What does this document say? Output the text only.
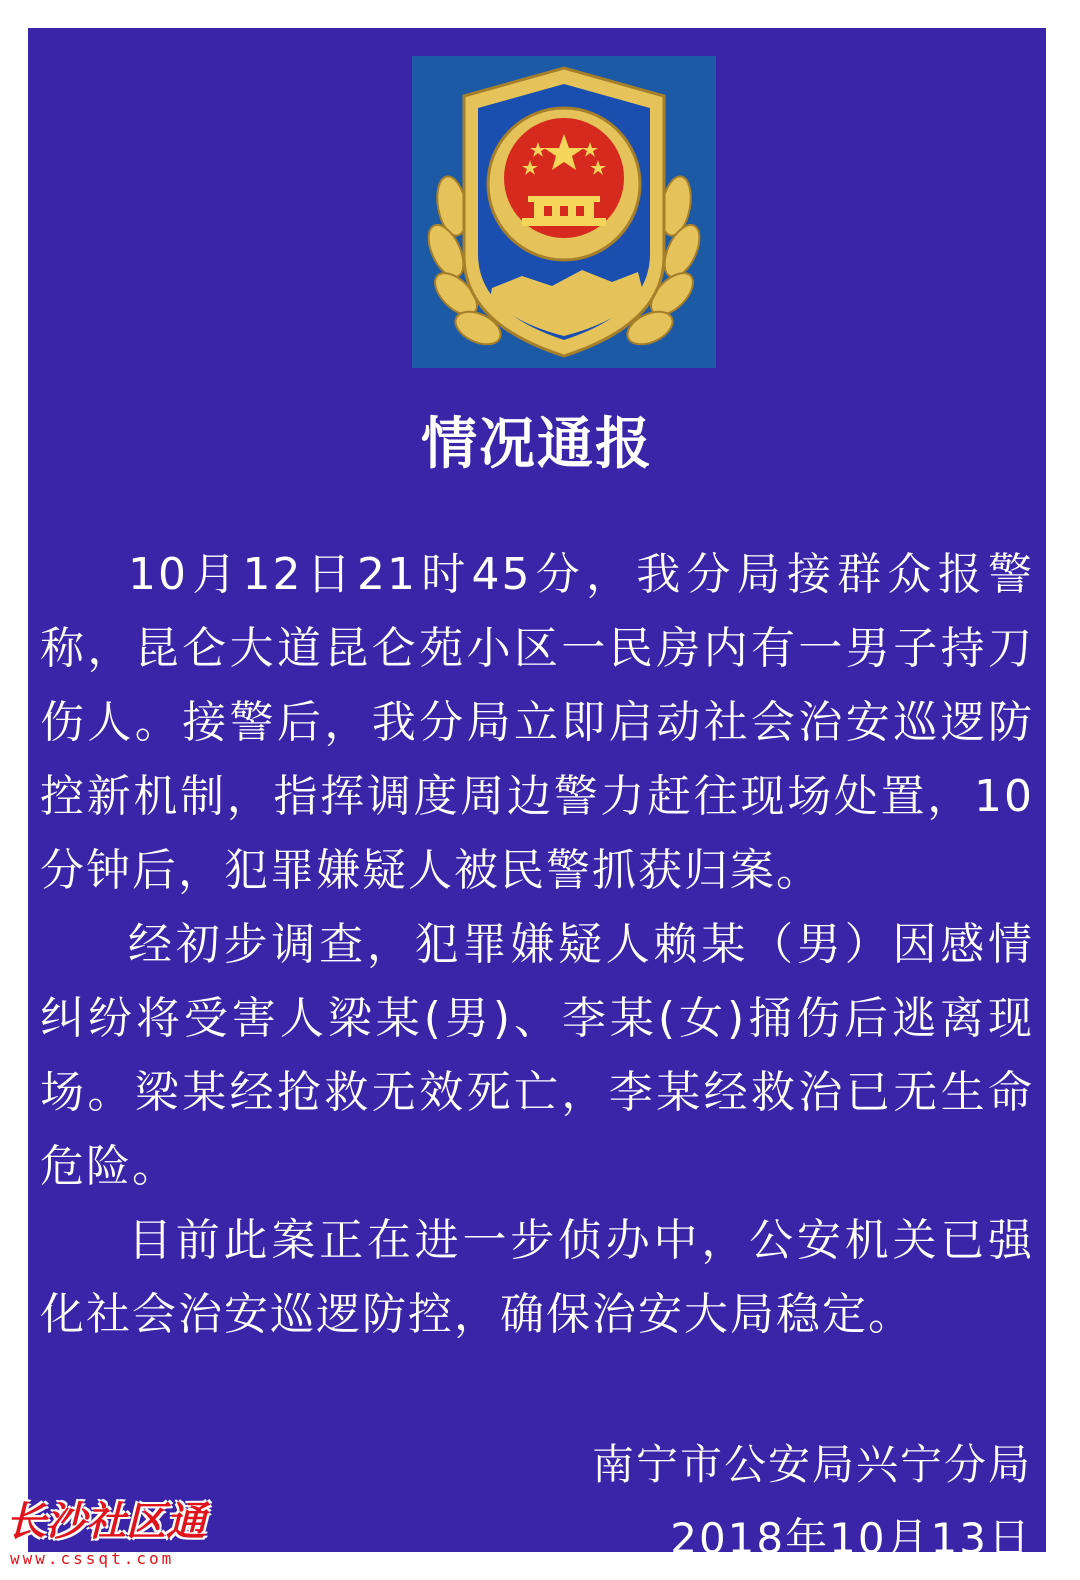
情况通报

10月12日21时45分，我分局接群众报警称，昆仑大道昆仑苑小区一民房内有一男子持刀伤人。接警后，我分局立即启动社会治安巡逻防控新机制，指挥调度周边警力赶往现场处置，10分钟后，犯罪嫌疑人被民警抓获归案。

经初步调查，犯罪嫌疑人赖某（男）因感情纠纷将受害人梁某(男)、李某(女)捅伤后逃离现场。梁某经抢救无效死亡，李某经救治已无生命危险。

目前此案正在进一步侦办中，公安机关已强化社会治安巡逻防控，确保治安大局稳定。

南宁市公安局兴宁分局
2018年10月13日
长沙社区通
www.cssqt.com
